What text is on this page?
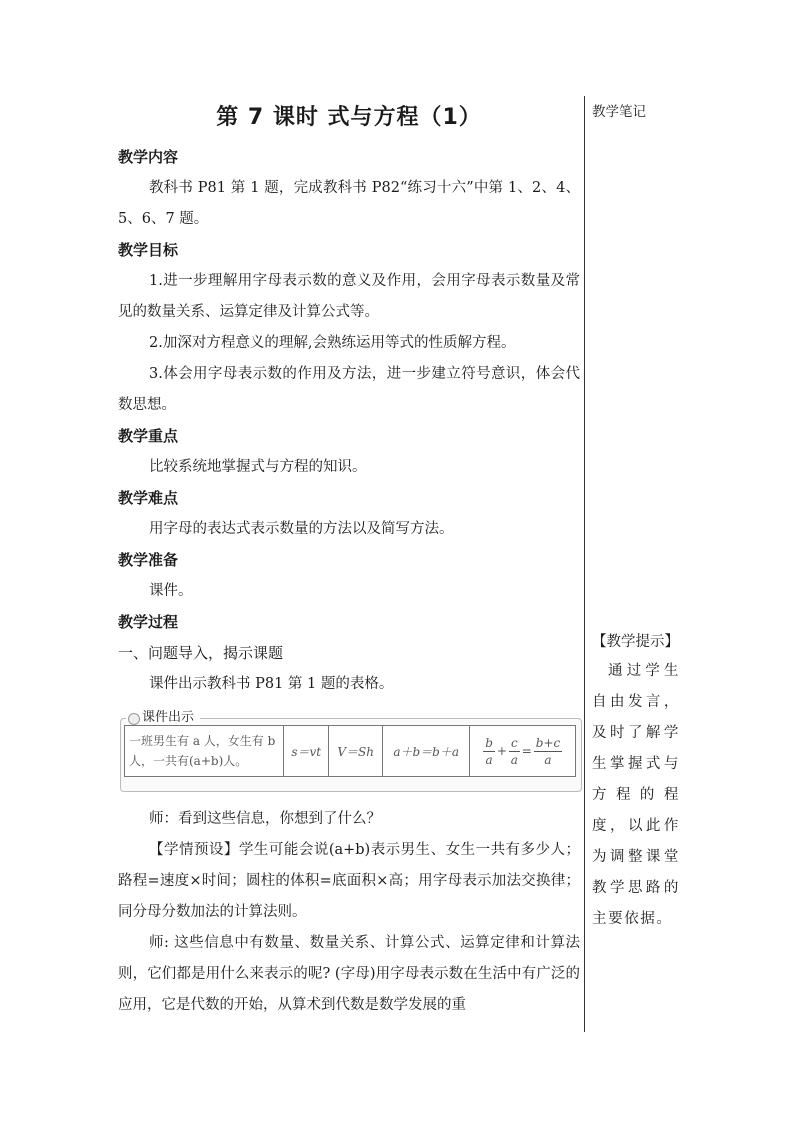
第 7 课时 式与方程（1）
教学内容
教科书 P81 第 1 题，完成教科书 P82“练习十六”中第 1、2、4、5、6、7 题。
教学目标
1.进一步理解用字母表示数的意义及作用，会用字母表示数量及常见的数量关系、运算定律及计算公式等。
2.加深对方程意义的理解,会熟练运用等式的性质解方程。
3.体会用字母表示数的作用及方法，进一步建立符号意识，体会代数思想。
教学重点
比较系统地掌握式与方程的知识。
教学难点
用字母的表达式表示数量的方法以及简写方法。
教学准备
课件。
教学过程
一、问题导入，揭示课题
课件出示教科书 P81 第 1 题的表格。
课件出示
一班男生有 a 人，女生有 b 人，一共有(a+b)人。	s＝vt	V＝Sh	a＋b＝b＋a	$\frac{b}{a} + \frac{c}{a} = \frac{b+c}{a}$
师：看到这些信息，你想到了什么？
【学情预设】学生可能会说(a+b)表示男生、女生一共有多少人；路程=速度×时间；圆柱的体积=底面积×高；用字母表示加法交换律；同分母分数加法的计算法则。
师: 这些信息中有数量、数量关系、计算公式、运算定律和计算法则，它们都是用什么来表示的呢? (字母)用字母表示数在生活中有广泛的应用，它是代数的开始，从算术到代数是数学发展的重
教学笔记
【教学提示】
通过学生自由发言，及时了解学生掌握式与方程的程度，以此作为调整课堂教学思路的主要依据。
